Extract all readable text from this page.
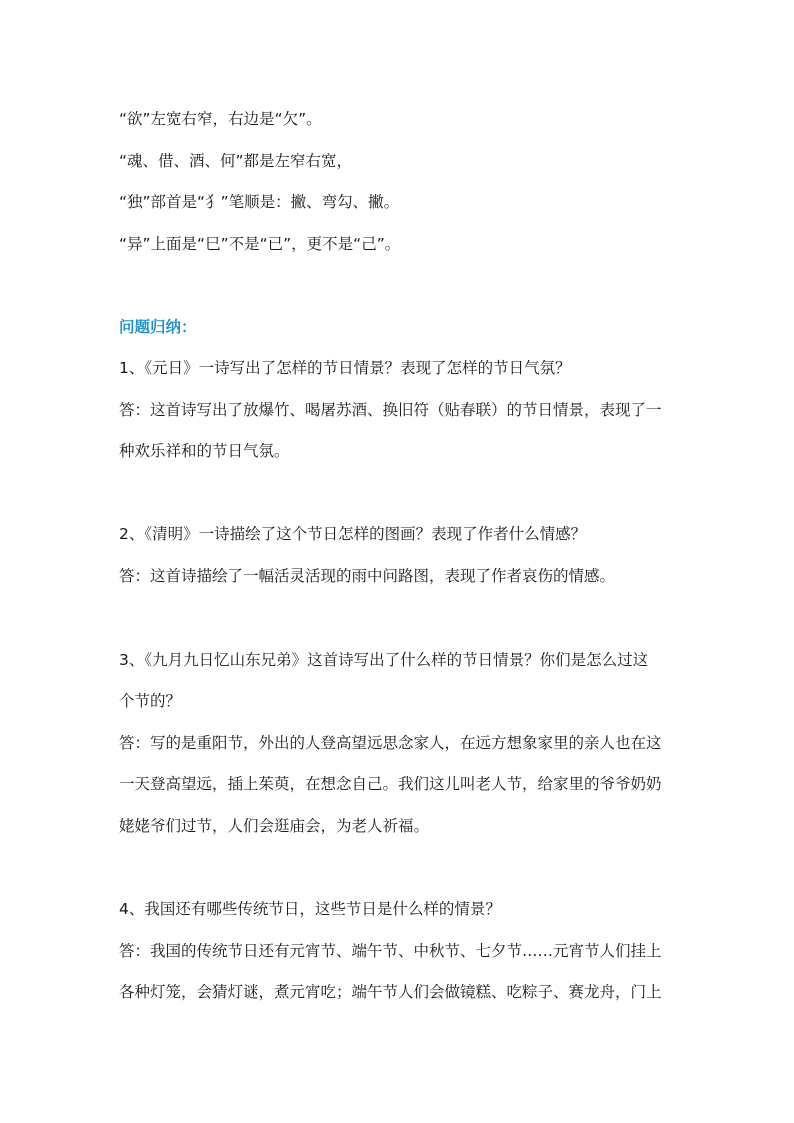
“欲”左宽右窄，右边是“欠”。
“魂、借、酒、何”都是左窄右宽，
“独”部首是“犭”笔顺是：撇、弯勾、撇。
“异”上面是“巳”不是“已”，更不是“己”。
问题归纳：
1、《元日》一诗写出了怎样的节日情景？表现了怎样的节日气氛？
答：这首诗写出了放爆竹、喝屠苏酒、换旧符（贴春联）的节日情景，表现了一
种欢乐祥和的节日气氛。
2、《清明》一诗描绘了这个节日怎样的图画？表现了作者什么情感？
答：这首诗描绘了一幅活灵活现的雨中问路图，表现了作者哀伤的情感。
3、《九月九日忆山东兄弟》这首诗写出了什么样的节日情景？你们是怎么过这
个节的？
答：写的是重阳节，外出的人登高望远思念家人，在远方想象家里的亲人也在这
一天登高望远，插上茱萸，在想念自己。我们这儿叫老人节，给家里的爷爷奶奶
姥姥爷们过节，人们会逛庙会，为老人祈福。
4、我国还有哪些传统节日，这些节日是什么样的情景？
答：我国的传统节日还有元宵节、端午节、中秋节、七夕节……元宵节人们挂上
各种灯笼，会猜灯谜，煮元宵吃；端午节人们会做镜糕、吃粽子、赛龙舟，门上
